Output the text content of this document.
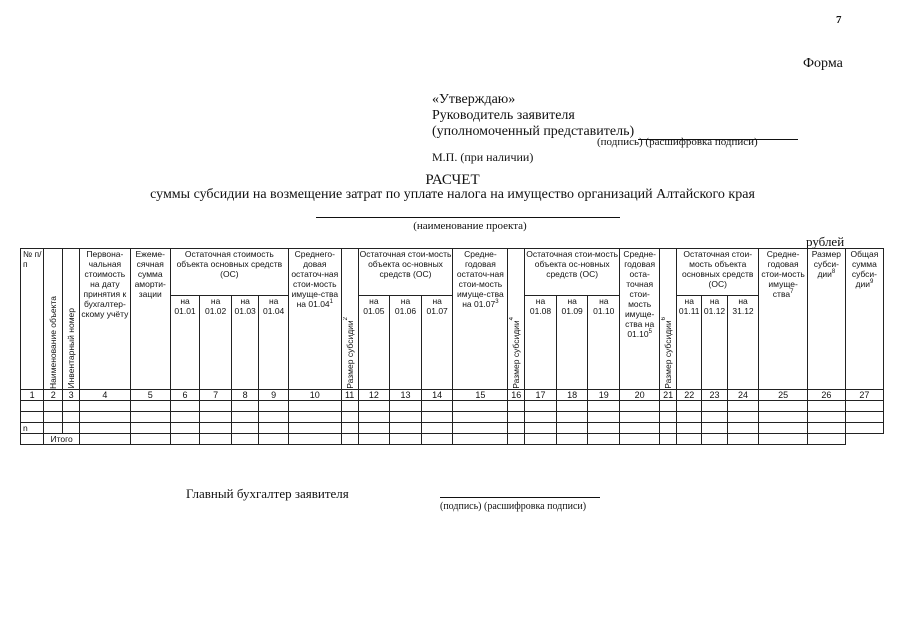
7
Форма
«Утверждаю»
Руководитель заявителя
(уполномоченный представитель)
(подпись) (расшифровка подписи)
М.П. (при наличии)
РАСЧЕТ
суммы субсидии на возмещение затрат по уплате налога на имущество организаций Алтайского края
(наименование проекта)
рублей
№ п/п	Наименование объекта	Инвентарный номер	Первона-чальная стоимость на дату принятия к бухгалтер-скому учёту	Ежеме-сячная сумма аморти-зации	Остаточная стоимость объекта основных средств (ОС)				Среднего-довая остаточ-ная стои-мость имуще-ства на 01.04$^1$	Размер субсидии$^2$	Остаточная стои-мость объекта ос-новных средств (ОС)			Средне-годовая остаточ-ная стои-мость имуще-ства на 01.07$^3$	Размер субсидии$^4$	Остаточная стои-мость объекта ос-новных средств (ОС)			Средне-годовая оста-точная стои-мость имуще-ства на 01.10$^5$	Размер субсидии$^6$	Остаточная стои-мость объекта основных средств (ОС)			Средне-годовая стои-мость имуще-ства$^7$	Размер субси-дии$^8$	Общая сумма субси-дии$^9$
					на 01.01	на 01.02	на 01.03	на 01.04			на 01.05	на 01.06	на 01.07			на 01.08	на 01.09	на 01.10			на 01.11	на 01.12	на 31.12			
1	2	3	4	5	6	7	8	9	10	11	12	13	14	15	16	17	18	19	20	21	22	23	24	25	26	27

n																										
	Итого																									
Главный бухгалтер заявителя
(подпись) (расшифровка подписи)
